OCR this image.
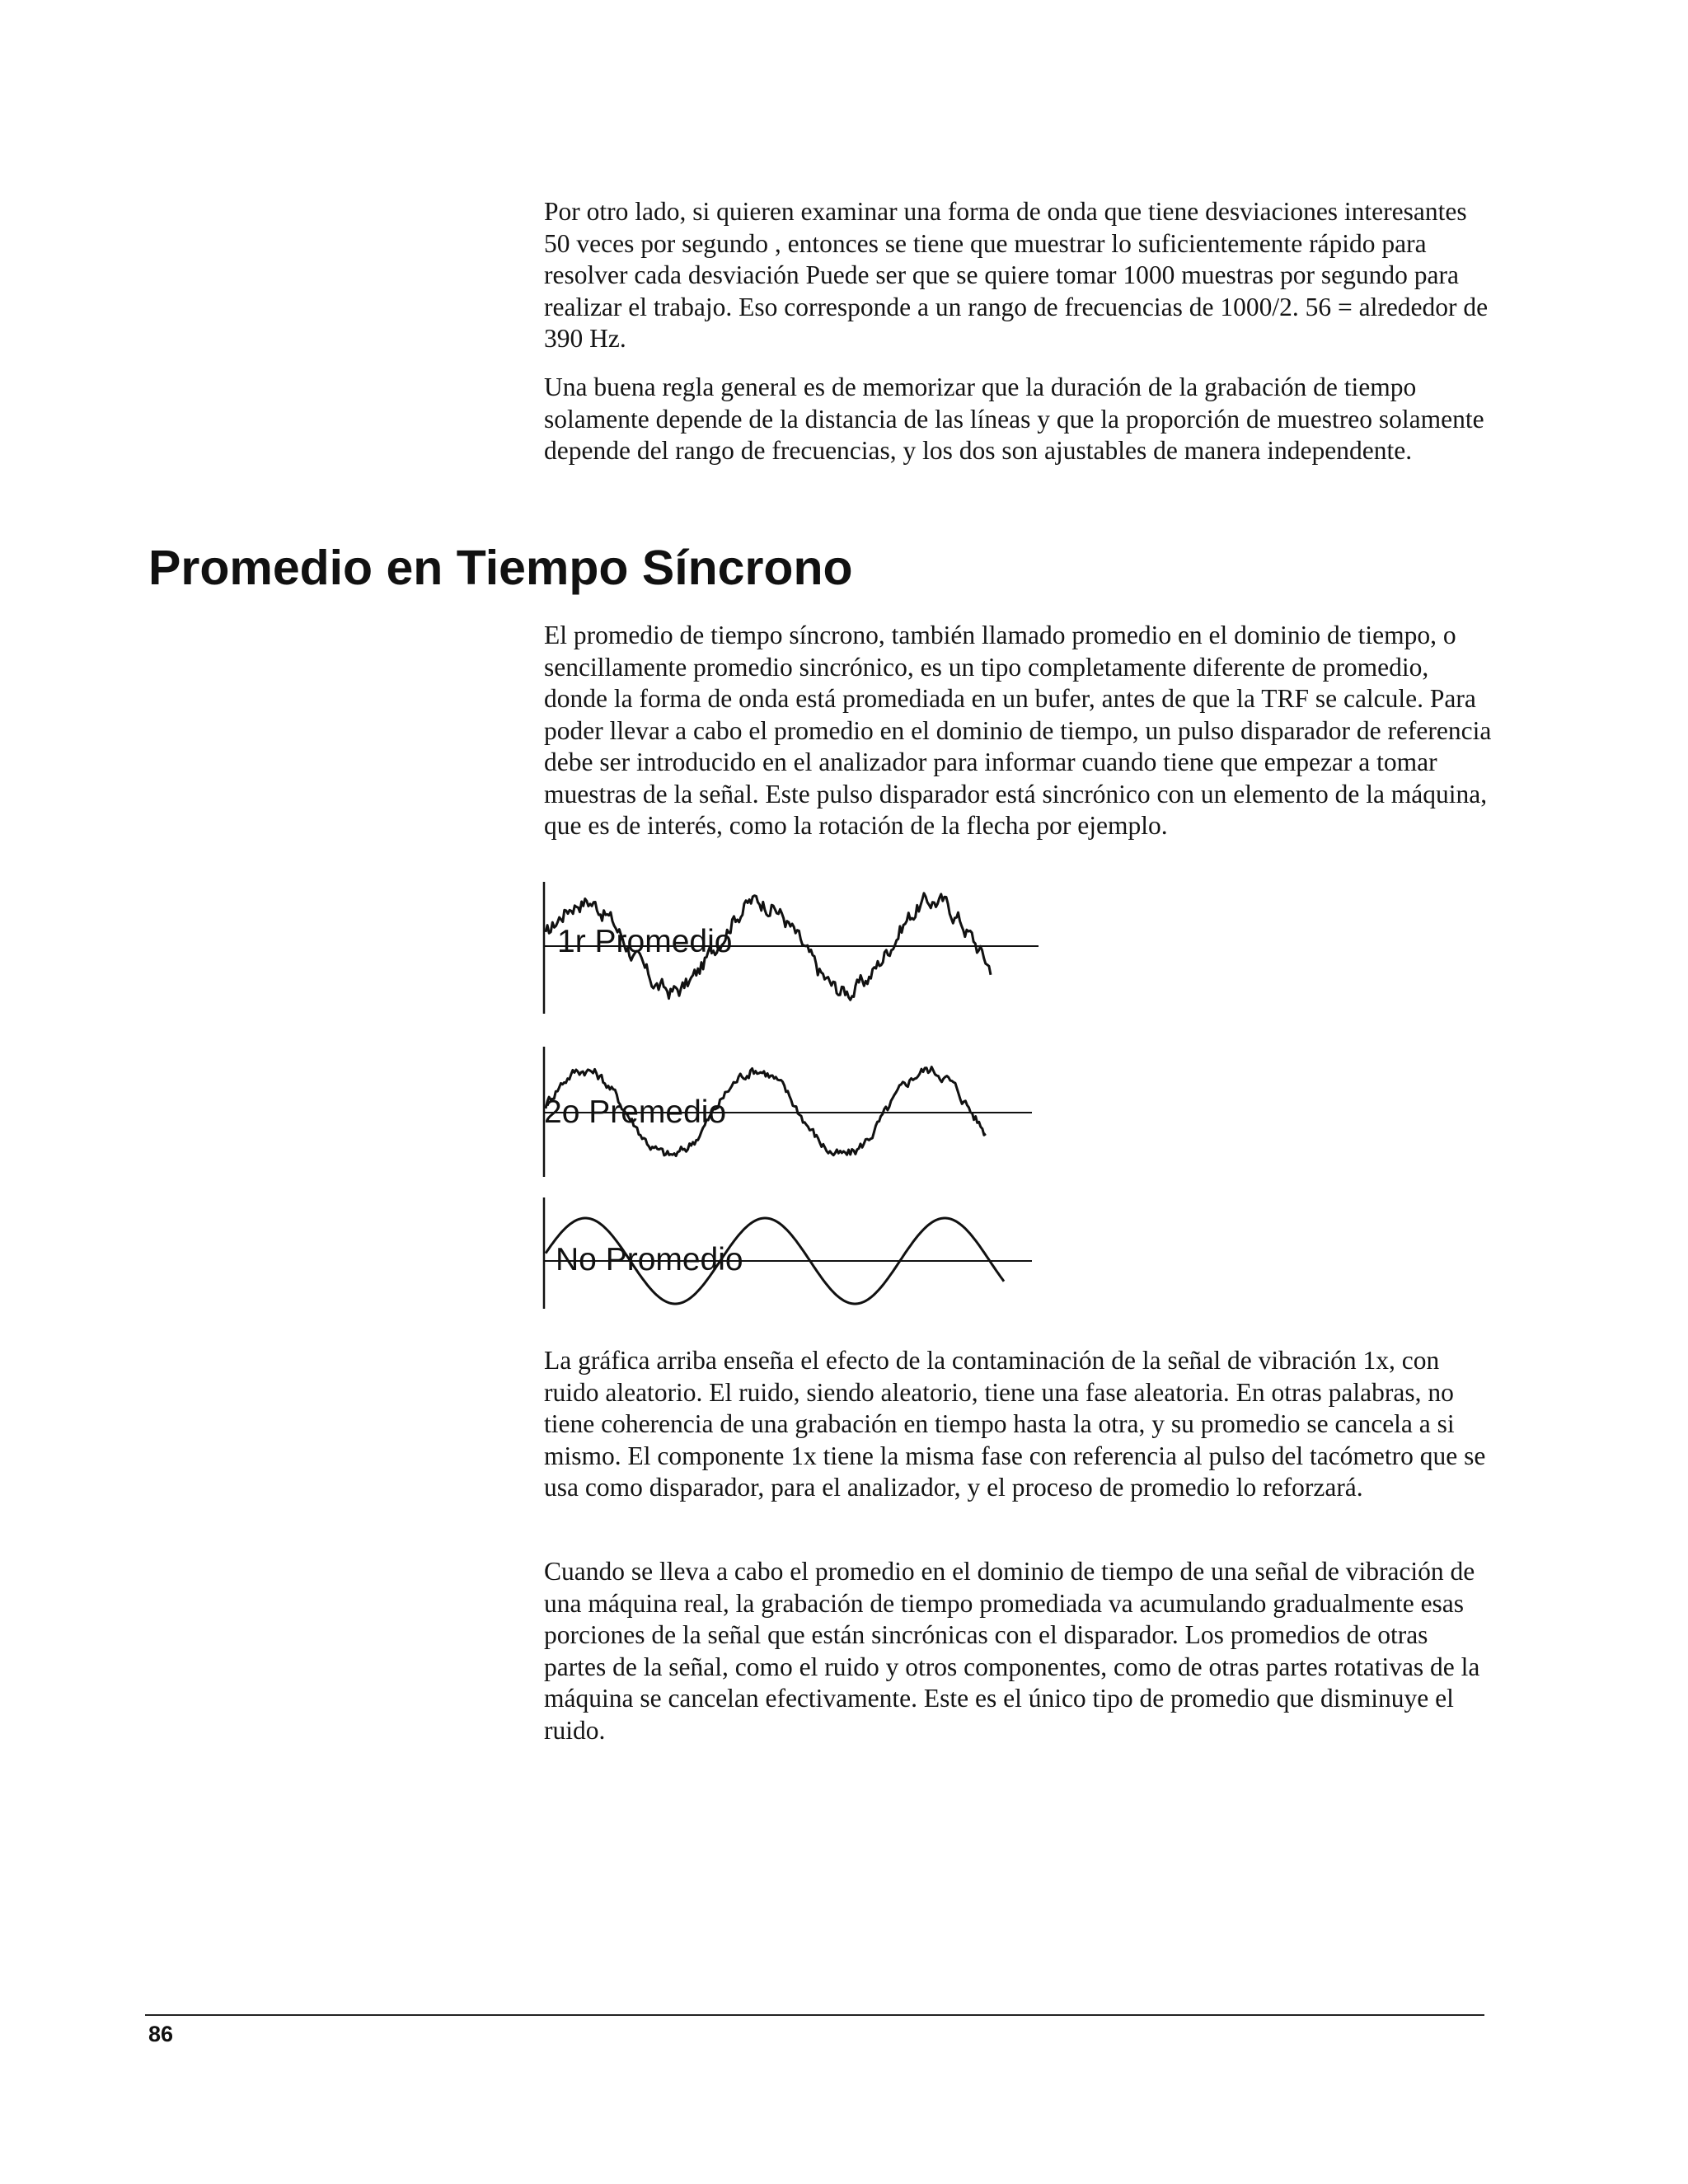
Por otro lado, si quieren examinar una forma de onda que tiene desviaciones interesantes 50 veces por segundo , entonces se tiene que muestrar lo suficientemente rápido para resolver cada desviación Puede ser que se quiere tomar 1000 muestras por segundo para realizar el trabajo. Eso corresponde a un rango de frecuencias de 1000/2. 56 = alrededor de 390 Hz.

Una buena regla general es de memorizar que la duración de la grabación de tiempo solamente depende de la distancia de las líneas y que la proporción de muestreo solamente depende del rango de frecuencias, y los dos son ajustables de manera independente.

Promedio en Tiempo Síncrono

El promedio de tiempo síncrono, también llamado promedio en el dominio de tiempo, o sencillamente promedio sincrónico, es un tipo completamente diferente de promedio, donde la forma de onda está promediada en un bufer, antes de que la TRF se calcule. Para poder llevar a cabo el promedio en el dominio de tiempo, un pulso disparador de referencia debe ser introducido en el analizador para informar cuando tiene que empezar a tomar muestras de la señal. Este pulso disparador está sincrónico con un elemento de la máquina, que es de interés, como la rotación de la flecha por ejemplo.

1r Promedio
2o Premedio
No Promedio

La gráfica arriba enseña el efecto de la contaminación de la señal de vibración 1x, con ruido aleatorio. El ruido, siendo aleatorio, tiene una fase aleatoria. En otras palabras, no tiene coherencia de una grabación en tiempo hasta la otra, y su promedio se cancela a si mismo. El componente 1x tiene la misma fase con referencia al pulso del tacómetro que se usa como disparador, para el analizador, y el proceso de promedio lo reforzará.

Cuando se lleva a cabo el promedio en el dominio de tiempo de una señal de vibración de una máquina real, la grabación de tiempo promediada va acumulando gradualmente esas porciones de la señal que están sincrónicas con el disparador. Los promedios de otras partes de la señal, como el ruido y otros componentes, como de otras partes rotativas de la máquina se cancelan efectivamente. Este es el único tipo de promedio que disminuye el ruido.

86
